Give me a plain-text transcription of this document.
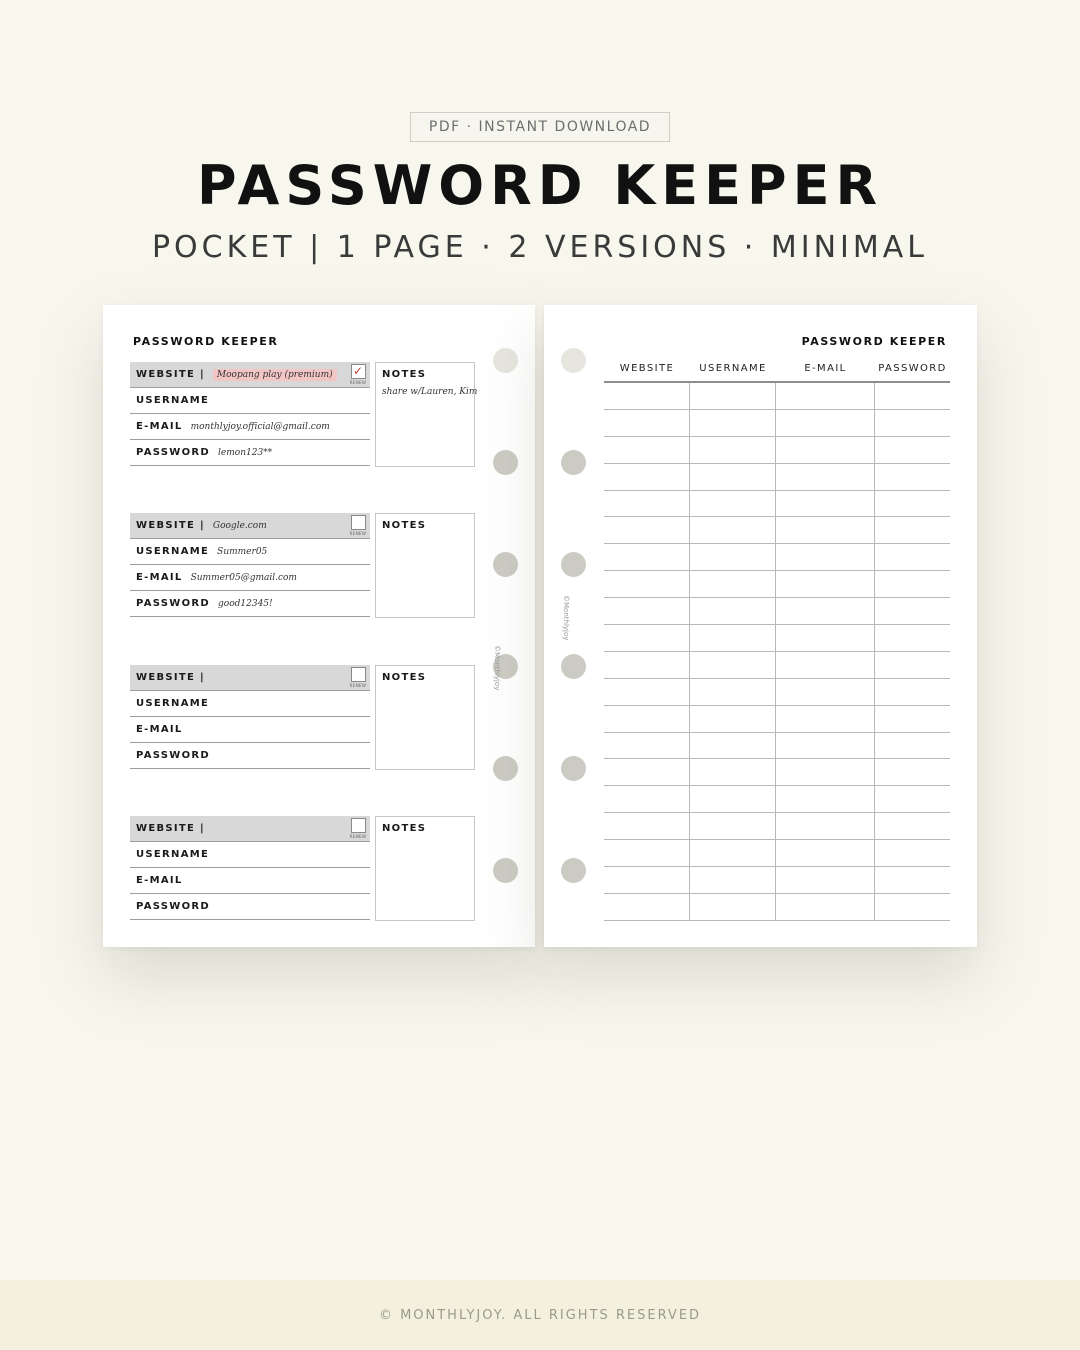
PDF · INSTANT DOWNLOAD
PASSWORD KEEPER
POCKET | 1 PAGE · 2 VERSIONS · MINIMAL
PASSWORD KEEPER
WEBSITE |	Moopang play (premium)	✓
RENEW
USERNAME
E-MAIL monthlyjoy.official@gmail.com
PASSWORD lemon123**
NOTES
share w/Lauren, Kim
WEBSITE | Google.com
RENEW
USERNAME Summer05
E-MAIL Summer05@gmail.com
PASSWORD good12345!
NOTES
WEBSITE |
RENEW
USERNAME
E-MAIL
PASSWORD
NOTES
WEBSITE |
RENEW
USERNAME
E-MAIL
PASSWORD
NOTES
©Monthlyjoy
PASSWORD KEEPER
©Monthlyjoy
WEBSITE	USERNAME	E-MAIL	PASSWORD
© MONTHLYJOY. ALL RIGHTS RESERVED
